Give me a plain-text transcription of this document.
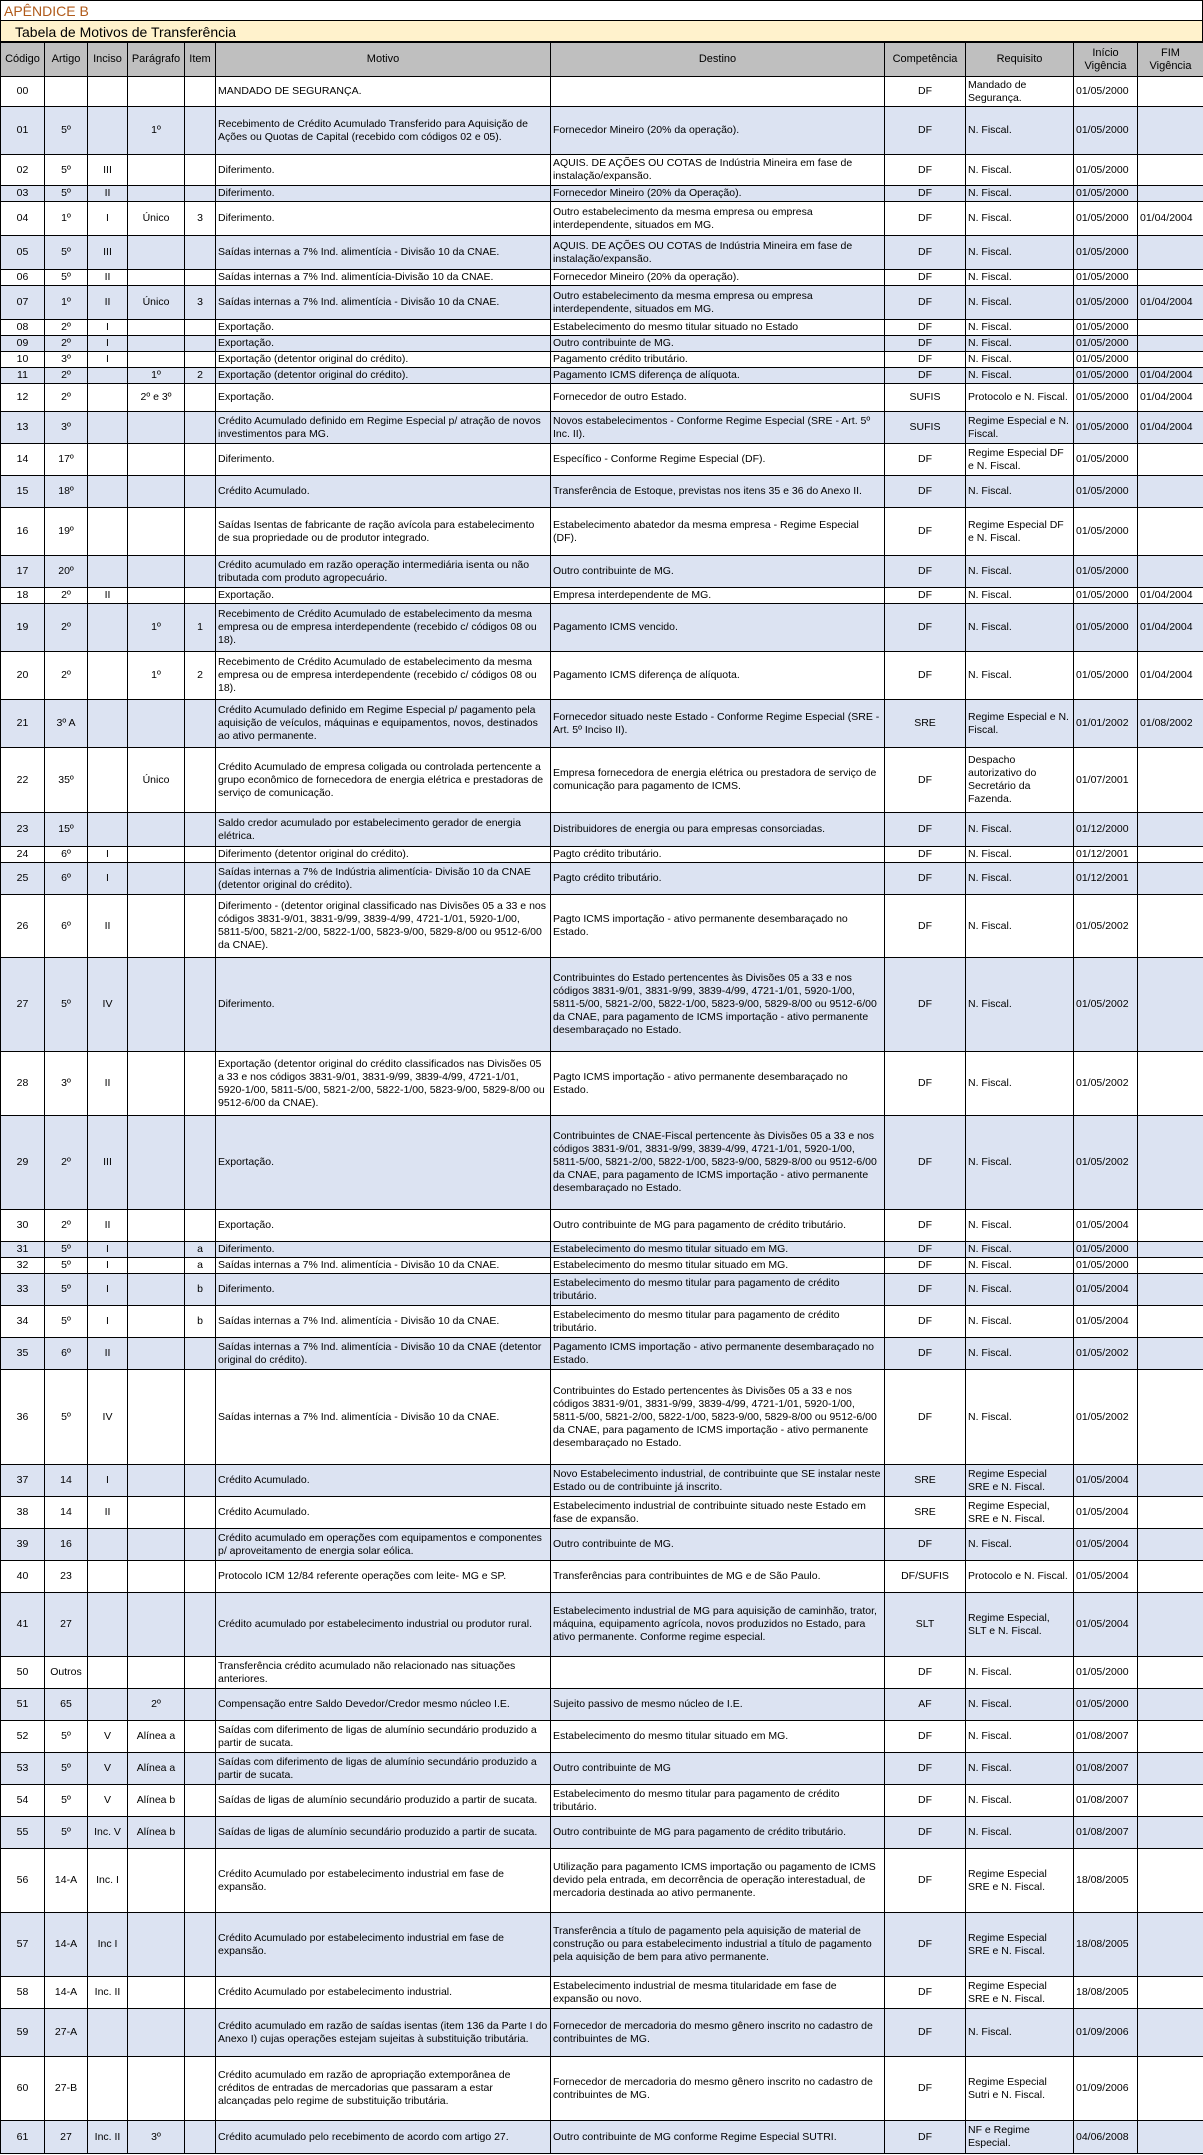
APÊNDICE B
Tabela de Motivos de Transferência
Código	Artigo	Inciso	Parágrafo	Item	Motivo	Destino	Competência	Requisito	Início Vigência	FIM Vigência
00					MANDADO DE SEGURANÇA.		DF	Mandado de Segurança.	01/05/2000	
01	5º		1º		Recebimento de Crédito Acumulado Transferido para Aquisição de Ações ou Quotas de Capital (recebido com códigos 02 e 05).	Fornecedor Mineiro (20% da operação).	DF	N. Fiscal.	01/05/2000	
02	5º	III			Diferimento.	AQUIS. DE AÇÕES OU COTAS de Indústria Mineira em fase de instalação/expansão.	DF	N. Fiscal.	01/05/2000	
03	5º	II			Diferimento.	Fornecedor Mineiro (20% da Operação).	DF	N. Fiscal.	01/05/2000	
04	1º	I	Único	3	Diferimento.	Outro estabelecimento da mesma empresa ou empresa interdependente, situados em MG.	DF	N. Fiscal.	01/05/2000	01/04/2004
05	5º	III			Saídas internas a 7% Ind. alimentícia - Divisão 10 da CNAE.	AQUIS. DE AÇÕES OU COTAS de Indústria Mineira em fase de instalação/expansão.	DF	N. Fiscal.	01/05/2000	
06	5º	II			Saídas internas a 7% Ind. alimentícia-Divisão 10 da CNAE.	Fornecedor Mineiro (20% da operação).	DF	N. Fiscal.	01/05/2000	
07	1º	II	Único	3	Saídas internas a 7% Ind. alimentícia - Divisão 10 da CNAE.	Outro estabelecimento da mesma empresa ou empresa interdependente, situados em MG.	DF	N. Fiscal.	01/05/2000	01/04/2004
08	2º	I			Exportação.	Estabelecimento do mesmo titular situado no Estado	DF	N. Fiscal.	01/05/2000	
09	2º	I			Exportação.	Outro contribuinte de MG.	DF	N. Fiscal.	01/05/2000	
10	3º	I			Exportação (detentor original do crédito).	Pagamento crédito tributário.	DF	N. Fiscal.	01/05/2000	
11	2º		1º	2	Exportação (detentor original do crédito).	Pagamento ICMS diferença de alíquota.	DF	N. Fiscal.	01/05/2000	01/04/2004
12	2º		2º e 3º		Exportação.	Fornecedor de outro Estado.	SUFIS	Protocolo e N. Fiscal.	01/05/2000	01/04/2004
13	3º				Crédito Acumulado definido em Regime Especial p/ atração de novos investimentos para MG.	Novos estabelecimentos - Conforme Regime Especial (SRE - Art. 5º Inc. II).	SUFIS	Regime Especial e N. Fiscal.	01/05/2000	01/04/2004
14	17º				Diferimento.	Específico - Conforme Regime Especial (DF).	DF	Regime Especial DF e N. Fiscal.	01/05/2000	
15	18º				Crédito Acumulado.	Transferência de Estoque, previstas nos itens 35 e 36 do Anexo II.	DF	N. Fiscal.	01/05/2000	
16	19º				Saídas Isentas de fabricante de ração avícola para estabelecimento de sua propriedade ou de produtor integrado.	Estabelecimento abatedor da mesma empresa - Regime Especial (DF).	DF	Regime Especial DF e N. Fiscal.	01/05/2000	
17	20º				Crédito acumulado em razão operação intermediária isenta ou não tributada com produto agropecuário.	Outro contribuinte de MG.	DF	N. Fiscal.	01/05/2000	
18	2º	II			Exportação.	Empresa interdependente de MG.	DF	N. Fiscal.	01/05/2000	01/04/2004
19	2º		1º	1	Recebimento de Crédito Acumulado de estabelecimento da mesma empresa ou de empresa interdependente (recebido c/ códigos 08 ou 18).	Pagamento ICMS vencido.	DF	N. Fiscal.	01/05/2000	01/04/2004
20	2º		1º	2	Recebimento de Crédito Acumulado de estabelecimento da mesma empresa ou de empresa interdependente (recebido c/ códigos 08 ou 18).	Pagamento ICMS diferença de alíquota.	DF	N. Fiscal.	01/05/2000	01/04/2004
21	3º A				Crédito Acumulado definido em Regime Especial p/ pagamento pela aquisição de veículos, máquinas e equipamentos, novos, destinados ao ativo permanente.	Fornecedor situado neste Estado - Conforme Regime Especial (SRE - Art. 5º Inciso II).	SRE	Regime Especial e N. Fiscal.	01/01/2002	01/08/2002
22	35º		Único		Crédito Acumulado de empresa coligada ou controlada pertencente a grupo econômico de fornecedora de energia elétrica e prestadoras de serviço de comunicação.	Empresa fornecedora de energia elétrica ou prestadora de serviço de comunicação para pagamento de ICMS.	DF	Despacho autorizativo do Secretário da Fazenda.	01/07/2001	
23	15º				Saldo credor acumulado por estabelecimento gerador de energia elétrica.	Distribuidores de energia ou para empresas consorciadas.	DF	N. Fiscal.	01/12/2000	
24	6º	I			Diferimento (detentor original do crédito).	Pagto crédito tributário.	DF	N. Fiscal.	01/12/2001	
25	6º	I			Saídas internas a 7% de Indústria alimentícia- Divisão 10 da CNAE (detentor original do crédito).	Pagto crédito tributário.	DF	N. Fiscal.	01/12/2001	
26	6º	II			Diferimento - (detentor original classificado nas Divisões 05 a 33 e nos códigos 3831-9/01, 3831-9/99, 3839-4/99, 4721-1/01, 5920-1/00, 5811-5/00, 5821-2/00, 5822-1/00, 5823-9/00, 5829-8/00 ou 9512-6/00 da CNAE).	Pagto ICMS importação - ativo permanente desembaraçado no Estado.	DF	N. Fiscal.	01/05/2002	
27	5º	IV			Diferimento.	Contribuintes do Estado pertencentes às Divisões 05 a 33 e nos códigos 3831-9/01, 3831-9/99, 3839-4/99, 4721-1/01, 5920-1/00, 5811-5/00, 5821-2/00, 5822-1/00, 5823-9/00, 5829-8/00 ou 9512-6/00 da CNAE, para pagamento de ICMS importação - ativo permanente desembaraçado no Estado.	DF	N. Fiscal.	01/05/2002	
28	3º	II			Exportação (detentor original do crédito classificados nas Divisões 05 a 33 e nos códigos 3831-9/01, 3831-9/99, 3839-4/99, 4721-1/01, 5920-1/00, 5811-5/00, 5821-2/00, 5822-1/00, 5823-9/00, 5829-8/00 ou 9512-6/00 da CNAE).	Pagto ICMS importação - ativo permanente desembaraçado no Estado.	DF	N. Fiscal.	01/05/2002	
29	2º	III			Exportação.	Contribuintes de CNAE-Fiscal pertencente às Divisões 05 a 33 e nos códigos 3831-9/01, 3831-9/99, 3839-4/99, 4721-1/01, 5920-1/00, 5811-5/00, 5821-2/00, 5822-1/00, 5823-9/00, 5829-8/00 ou 9512-6/00 da CNAE, para pagamento de ICMS importação - ativo permanente desembaraçado no Estado.	DF	N. Fiscal.	01/05/2002	
30	2º	II			Exportação.	Outro contribuinte de MG para pagamento de crédito tributário.	DF	N. Fiscal.	01/05/2004	
31	5º	I		a	Diferimento.	Estabelecimento do mesmo titular situado em MG.	DF	N. Fiscal.	01/05/2000	
32	5º	I		a	Saídas internas a 7% Ind. alimentícia - Divisão 10 da CNAE.	Estabelecimento do mesmo titular situado em MG.	DF	N. Fiscal.	01/05/2000	
33	5º	I		b	Diferimento.	Estabelecimento do mesmo titular para pagamento de crédito tributário.	DF	N. Fiscal.	01/05/2004	
34	5º	I		b	Saídas internas a 7% Ind. alimentícia - Divisão 10 da CNAE.	Estabelecimento do mesmo titular para pagamento de crédito tributário.	DF	N. Fiscal.	01/05/2004	
35	6º	II			Saídas internas a 7% Ind. alimentícia - Divisão 10 da CNAE (detentor original do crédito).	Pagamento ICMS importação - ativo permanente desembaraçado no Estado.	DF	N. Fiscal.	01/05/2002	
36	5º	IV			Saídas internas a 7% Ind. alimentícia - Divisão 10 da CNAE.	Contribuintes do Estado pertencentes às Divisões 05 a 33 e nos códigos 3831-9/01, 3831-9/99, 3839-4/99, 4721-1/01, 5920-1/00, 5811-5/00, 5821-2/00, 5822-1/00, 5823-9/00, 5829-8/00 ou 9512-6/00 da CNAE, para pagamento de ICMS importação - ativo permanente desembaraçado no Estado.	DF	N. Fiscal.	01/05/2002	
37	14	I			Crédito Acumulado.	Novo Estabelecimento industrial, de contribuinte que SE instalar neste Estado ou de contribuinte já inscrito.	SRE	Regime Especial SRE e N. Fiscal.	01/05/2004	
38	14	II			Crédito Acumulado.	Estabelecimento industrial de contribuinte situado neste Estado em fase de expansão.	SRE	Regime Especial, SRE e N. Fiscal.	01/05/2004	
39	16				Crédito acumulado em operações com equipamentos e componentes p/ aproveitamento de energia solar eólica.	Outro contribuinte de MG.	DF	N. Fiscal.	01/05/2004	
40	23				Protocolo ICM 12/84 referente operações com leite- MG e SP.	Transferências para contribuintes de MG e de São Paulo.	DF/SUFIS	Protocolo e N. Fiscal.	01/05/2004	
41	27				Crédito acumulado por estabelecimento industrial ou produtor rural.	Estabelecimento industrial de MG para aquisição de caminhão, trator, máquina, equipamento agrícola, novos produzidos no Estado, para ativo permanente. Conforme regime especial.	SLT	Regime Especial, SLT e N. Fiscal.	01/05/2004	
50	Outros				Transferência crédito acumulado não relacionado nas situações anteriores.		DF	N. Fiscal.	01/05/2000	
51	65		2º		Compensação entre Saldo Devedor/Credor mesmo núcleo I.E.	Sujeito passivo de mesmo núcleo de I.E.	AF	N. Fiscal.	01/05/2000	
52	5º	V	Alínea a		Saídas com diferimento de ligas de alumínio secundário produzido a partir de sucata.	Estabelecimento do mesmo titular situado em MG.	DF	N. Fiscal.	01/08/2007	
53	5º	V	Alínea a		Saídas com diferimento de ligas de alumínio secundário produzido a partir de sucata.	Outro contribuinte de MG	DF	N. Fiscal.	01/08/2007	
54	5º	V	Alínea b		Saídas de ligas de alumínio secundário produzido a partir de sucata.	Estabelecimento do mesmo titular para pagamento de crédito tributário.	DF	N. Fiscal.	01/08/2007	
55	5º	Inc. V	Alínea b		Saídas de ligas de alumínio secundário produzido a partir de sucata.	Outro contribuinte de MG para pagamento de crédito tributário.	DF	N. Fiscal.	01/08/2007	
56	14-A	Inc. I			Crédito Acumulado por estabelecimento industrial em fase de expansão.	Utilização para pagamento ICMS importação ou pagamento de ICMS devido pela entrada, em decorrência de operação interestadual, de mercadoria destinada ao ativo permanente.	DF	Regime Especial SRE e N. Fiscal.	18/08/2005	
57	14-A	Inc I			Crédito Acumulado por estabelecimento industrial em fase de expansão.	Transferência a título de pagamento pela aquisição de material de construção ou para estabelecimento industrial a título de pagamento pela aquisição de bem para ativo permanente.	DF	Regime Especial SRE e N. Fiscal.	18/08/2005	
58	14-A	Inc. II			Crédito Acumulado por estabelecimento industrial.	Estabelecimento industrial de mesma titularidade em fase de expansão ou novo.	DF	Regime Especial SRE e N. Fiscal.	18/08/2005	
59	27-A				Crédito acumulado em razão de saídas isentas (item 136 da Parte I do Anexo I) cujas operações estejam sujeitas à substituição tributária.	Fornecedor de mercadoria do mesmo gênero inscrito no cadastro de contribuintes de MG.	DF	N. Fiscal.	01/09/2006	
60	27-B				Crédito acumulado em razão de apropriação extemporânea de créditos de entradas de mercadorias que passaram a estar alcançadas pelo regime de substituição tributária.	Fornecedor de mercadoria do mesmo gênero inscrito no cadastro de contribuintes de MG.	DF	Regime Especial Sutri e N. Fiscal.	01/09/2006	
61	27	Inc. II	3º		Crédito acumulado pelo recebimento de acordo com artigo 27.	Outro contribuinte de MG conforme Regime Especial SUTRI.	DF	NF e Regime Especial.	04/06/2008	
